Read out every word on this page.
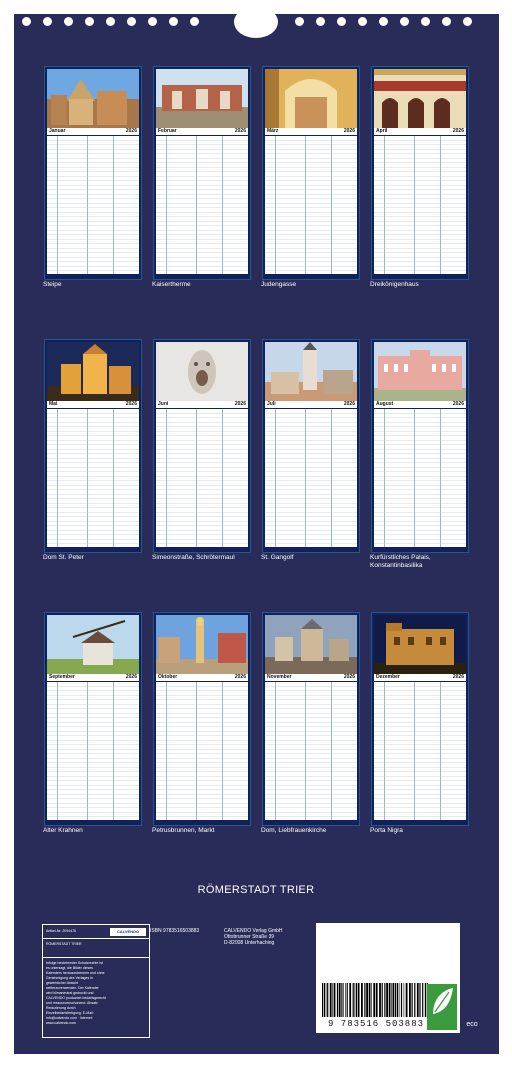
Januar	2026
Steipe
Februar	2026
Kaisertherme
März	2026
Judengasse
April	2026
Dreikönigenhaus
Mai	2026
Dom St. Peter
Juni	2026
Simeonstraße, Schrötermaul
Juli	2026
St. Gangolf
August	2026
Kurfürstliches Palais, Konstantinbasilika
September	2026
Alter Krahnen
Oktober	2026
Petrusbrunnen, Markt
November	2026
Dom, Liebfrauenkirche
Dezember	2026
Porta Nigra
RÖMERSTADT TRIER
Artikel-Nr. 2094476	CALVENDO
RÖMERSTADT TRIER
Infolge bestehender Schutzrechte ist es untersagt, die Bilder dieses Kalenders herauszutrennen und ohne Genehmigung des Verlages in gewerblicher Absicht weiterzuverwenden. Der Kalender wird klimaneutral gedruckt und CALVENDO produziert bedarfsgerecht und ressourcenschonend. Absatz Reduzierung durch Einzelbedarfsfertigung. E-Mail: info@calvendo.com · Internet: www.calvendo.com
ISBN 9783516503883	CALVENDO Verlag GmbH
Ottobrunner Straße 39
D-82008 Unterhaching
9 783516 503883	eco
